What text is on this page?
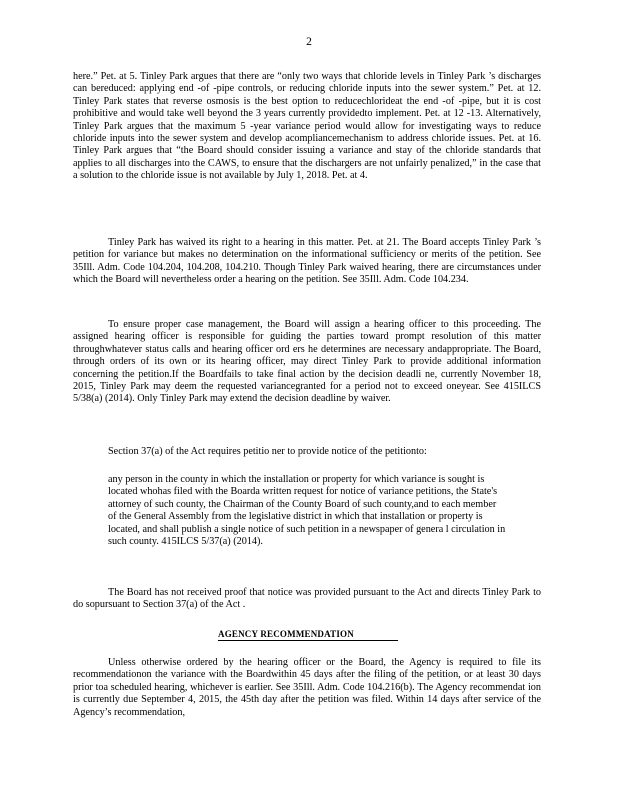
2

here.” Pet. at 5. Tinley Park argues that there are “only two ways that chloride levels in Tinley Park ’s discharges can bereduced: applying end -of -pipe controls, or reducing chloride inputs into the sewer system.” Pet. at 12. Tinley Park states that reverse osmosis is the best option to reducechlorideat the end -of -pipe, but it is cost prohibitive and would take well beyond the 3 years currently providedto implement. Pet. at 12 -13. Alternatively, Tinley Park argues that the maximum 5 -year variance period would allow for investigating ways to reduce chloride inputs into the sewer system and develop acompliancemechanism to address chloride issues. Pet. at 16. Tinley Park argues that “the Board should consider issuing a variance and stay of the chloride standards that applies to all discharges into the CAWS, to ensure that the dischargers are not unfairly penalized,” in the case that a solution to the chloride issue is not available by July 1, 2018. Pet. at 4.

Tinley Park has waived its right to a hearing in this matter. Pet. at 21. The Board accepts Tinley Park ’s petition for variance but makes no determination on the informational sufficiency or merits of the petition. See 35Ill. Adm. Code 104.204, 104.208, 104.210. Though Tinley Park waived hearing, there are circumstances under which the Board will nevertheless order a hearing on the petition. See 35Ill. Adm. Code 104.234.

To ensure proper case management, the Board will assign a hearing officer to this proceeding. The assigned hearing officer is responsible for guiding the parties toward prompt resolution of this matter throughwhatever status calls and hearing officer ord ers he determines are necessary andappropriate. The Board, through orders of its own or its hearing officer, may direct Tinley Park to provide additional information concerning the petition.If the Boardfails to take final action by the decision deadli ne, currently November 18, 2015, Tinley Park may deem the requested variancegranted for a period not to exceed oneyear. See 415ILCS 5/38(a) (2014). Only Tinley Park may extend the decision deadline by waiver.

Section 37(a) of the Act requires petitio ner to provide notice of the petitionto:

any person in the county in which the installation or property for which variance is sought is located whohas filed with the Boarda written request for notice of variance petitions, the State's attorney of such county, the Chairman of the County Board of such county,and to each member of the General Assembly from the legislative district in which that installation or property is located, and shall publish a single notice of such petition in a newspaper of genera l circulation in such county. 415ILCS 5/37(a) (2014).

The Board has not received proof that notice was provided pursuant to the Act and directs Tinley Park to do sopursuant to Section 37(a) of the Act .

AGENCY RECOMMENDATION

Unless otherwise ordered by the hearing officer or the Board, the Agency is required to file its recommendationon the variance with the Boardwithin 45 days after the filing of the petition, or at least 30 days prior toa scheduled hearing, whichever is earlier. See 35Ill. Adm. Code 104.216(b). The Agency recommendat ion is currently due September 4, 2015, the 45th day after the petition was filed. Within 14 days after service of the Agency’s recommendation,
